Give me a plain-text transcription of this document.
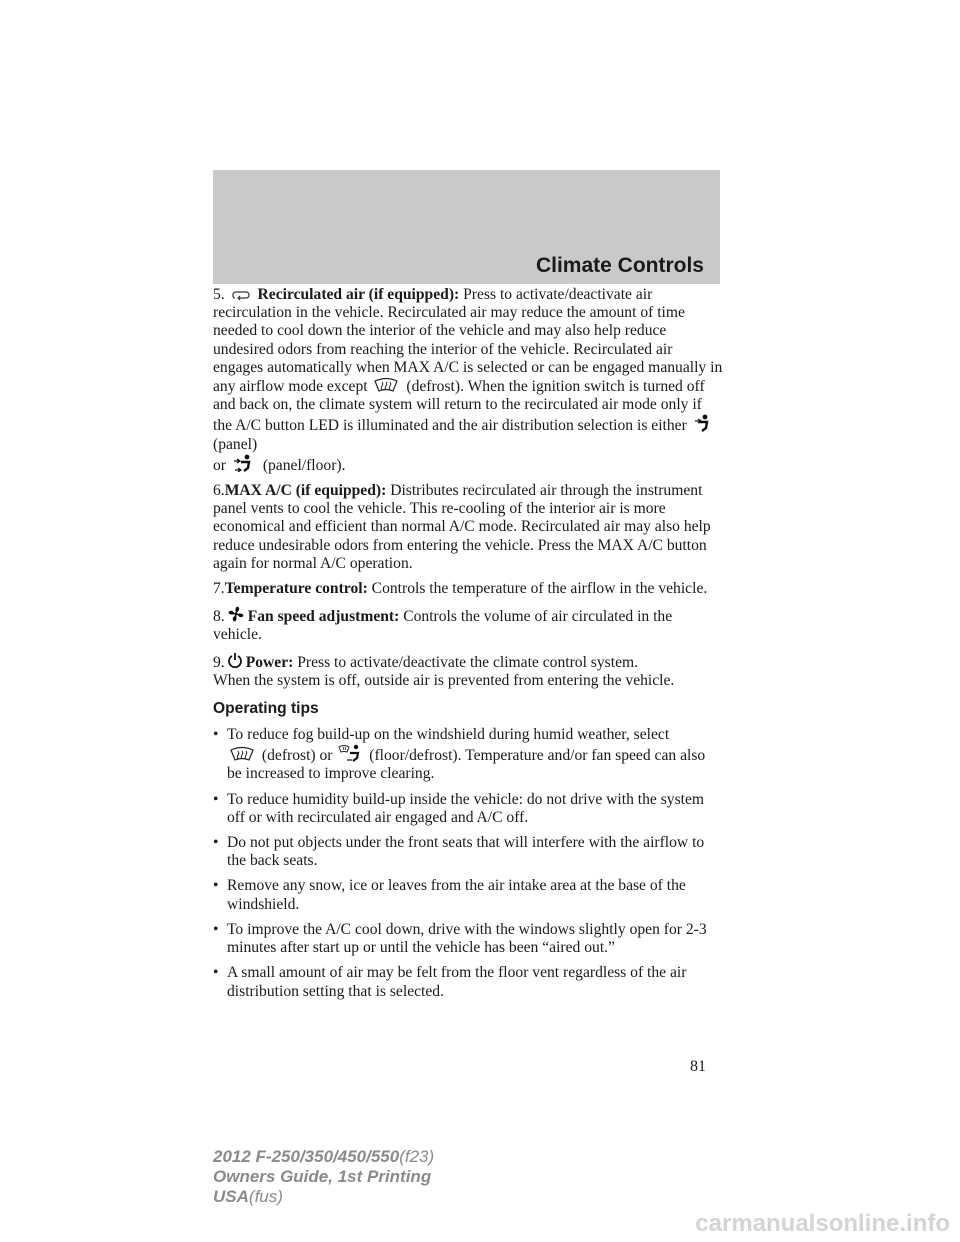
Climate Controls

5. Recirculated air (if equipped): Press to activate/deactivate air recirculation in the vehicle. Recirculated air may reduce the amount of time needed to cool down the interior of the vehicle and may also help reduce undesired odors from reaching the interior of the vehicle. Recirculated air engages automatically when MAX A/C is selected or can be engaged manually in any airflow mode except (defrost). When the ignition switch is turned off and back on, the climate system will return to the recirculated air mode only if the A/C button LED is illuminated and the air distribution selection is either  (panel)
or (panel/floor).

6.MAX A/C (if equipped): Distributes recirculated air through the instrument panel vents to cool the vehicle. This re-cooling of the interior air is more economical and efficient than normal A/C mode. Recirculated air may also help reduce undesirable odors from entering the vehicle. Press the MAX A/C button again for normal A/C operation.

7.Temperature control: Controls the temperature of the airflow in the vehicle.

8. Fan speed adjustment: Controls the volume of air circulated in the vehicle.

9. Power: Press to activate/deactivate the climate control system.

When the system is off, outside air is prevented from entering the vehicle.

Operating tips
• To reduce fog build-up on the windshield during humid weather, select
(defrost) or (floor/defrost). Temperature and/or fan speed can also be increased to improve clearing.
• To reduce humidity build-up inside the vehicle: do not drive with the system off or with recirculated air engaged and A/C off.
• Do not put objects under the front seats that will interfere with the airflow to the back seats.
• Remove any snow, ice or leaves from the air intake area at the base of the windshield.
• To improve the A/C cool down, drive with the windows slightly open for 2-3 minutes after start up or until the vehicle has been “aired out.”
• A small amount of air may be felt from the floor vent regardless of the air distribution setting that is selected.
81
2012 F-250/350/450/550(f23)
Owners Guide, 1st Printing
USA(fus)
carmanualsonline.info
